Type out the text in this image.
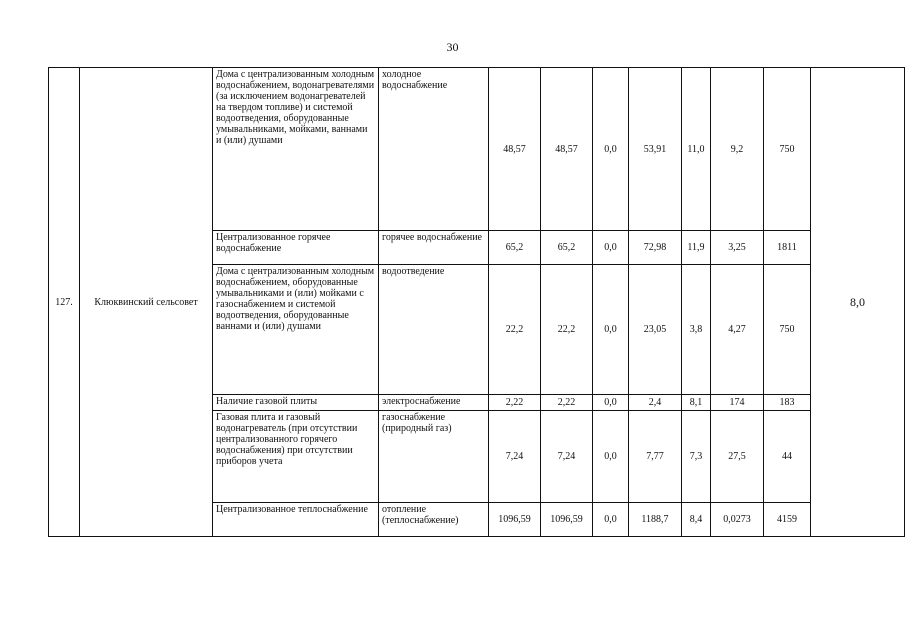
30
127.	Клюквинский сельсовет	Дома с централизованным холодным водоснабжением, водонагревателями (за исключением водонагревателей на твердом топливе) и системой водоотведения, оборудованные умывальниками, мойками, ваннами и (или) душами	холодное водоснабжение	48,57	48,57	0,0	53,91	11,0	9,2	750	8,0
		Централизованное горячее водоснабжение	горячее водоснабжение	65,2	65,2	0,0	72,98	11,9	3,25	1811	
		Дома с централизованным холодным водоснабжением, оборудованные умывальниками и (или) мойками с газоснабжением и системой водоотведения, оборудованные ваннами и (или) душами	водоотведение	22,2	22,2	0,0	23,05	3,8	4,27	750	
		Наличие газовой плиты	электроснабжение	2,22	2,22	0,0	2,4	8,1	174	183	
		Газовая плита и газовый водонагреватель (при отсутствии централизованного горячего водоснабжения) при отсутствии приборов учета	газоснабжение (природный газ)	7,24	7,24	0,0	7,77	7,3	27,5	44	
		Централизованное теплоснабжение	отопление (теплоснабжение)	1096,59	1096,59	0,0	1188,7	8,4	0,0273	4159	
